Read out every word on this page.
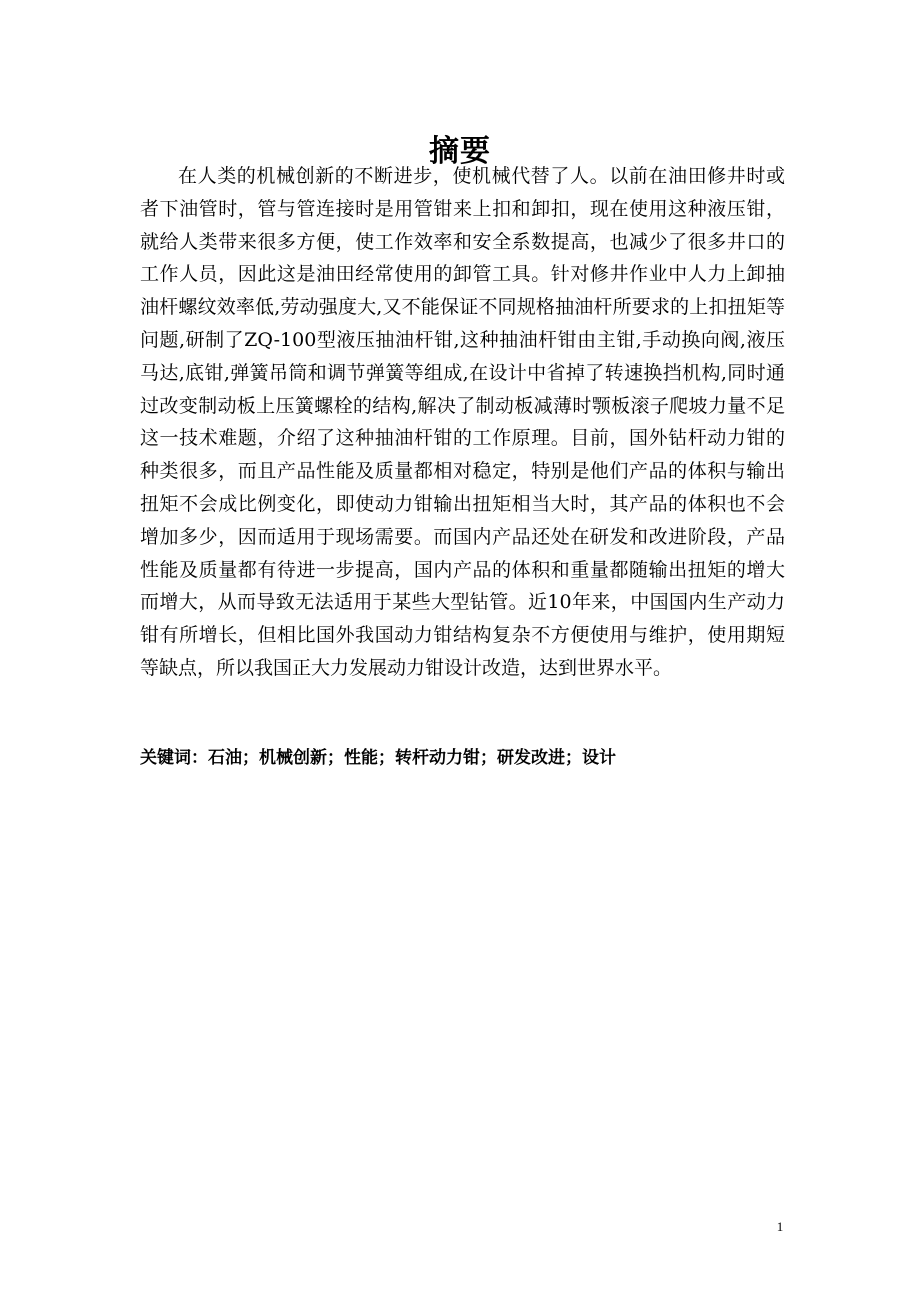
摘要

在人类的机械创新的不断进步，使机械代替了人。以前在油田修井时或者下油管时，管与管连接时是用管钳来上扣和卸扣，现在使用这种液压钳，就给人类带来很多方便，使工作效率和安全系数提高，也减少了很多井口的工作人员，因此这是油田经常使用的卸管工具。针对修井作业中人力上卸抽油杆螺纹效率低,劳动强度大,又不能保证不同规格抽油杆所要求的上扣扭矩等问题,研制了ZQ-100型液压抽油杆钳,这种抽油杆钳由主钳,手动换向阀,液压马达,底钳,弹簧吊筒和调节弹簧等组成,在设计中省掉了转速换挡机构,同时通过改变制动板上压簧螺栓的结构,解决了制动板减薄时颚板滚子爬坡力量不足这一技术难题，介绍了这种抽油杆钳的工作原理。目前，国外钻杆动力钳的种类很多，而且产品性能及质量都相对稳定，特别是他们产品的体积与输出扭矩不会成比例变化，即使动力钳输出扭矩相当大时，其产品的体积也不会增加多少，因而适用于现场需要。而国内产品还处在研发和改进阶段，产品性能及质量都有待进一步提高，国内产品的体积和重量都随输出扭矩的增大而增大，从而导致无法适用于某些大型钻管。近10年来，中国国内生产动力钳有所增长，但相比国外我国动力钳结构复杂不方便使用与维护，使用期短等缺点，所以我国正大力发展动力钳设计改造，达到世界水平。

关键词：石油；机械创新；性能；转杆动力钳；研发改进；设计

1
